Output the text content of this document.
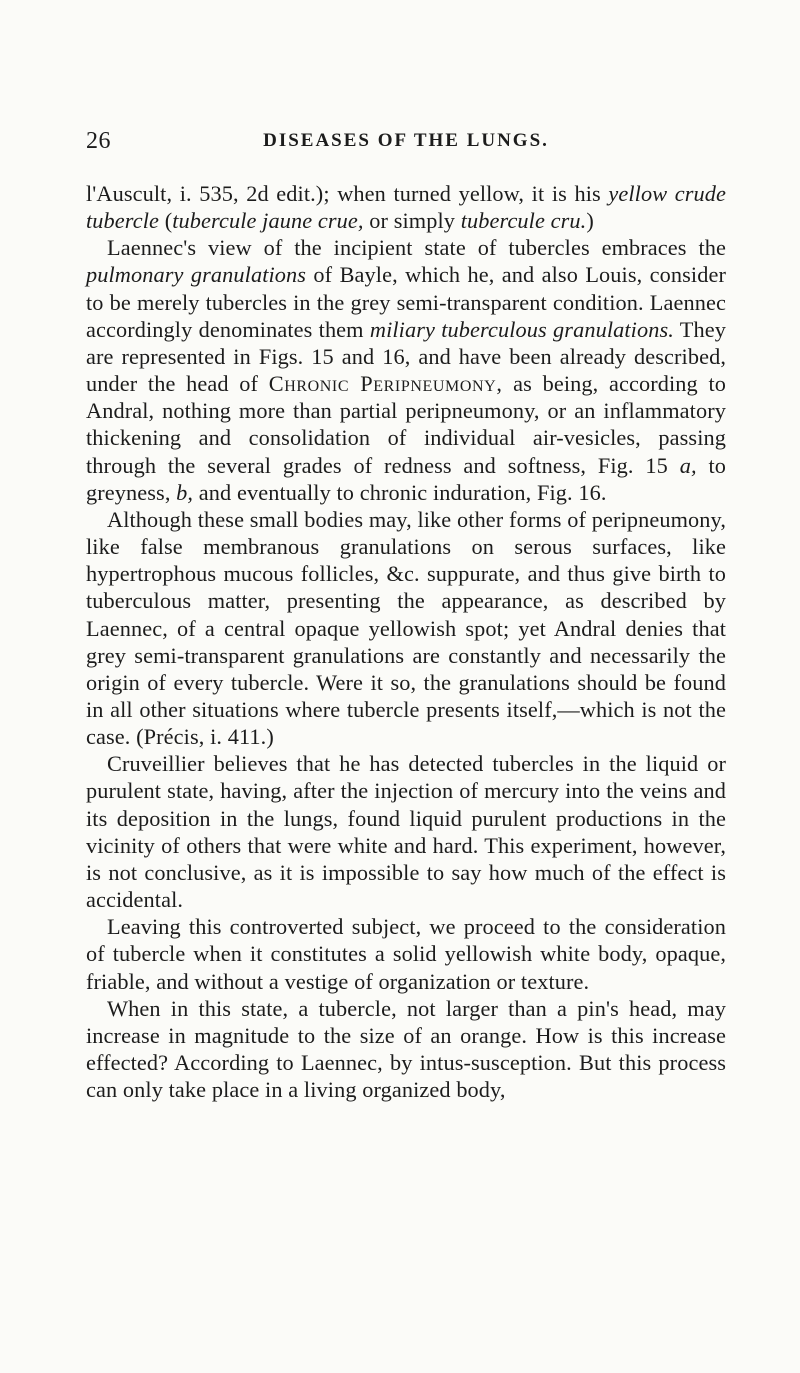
26	DISEASES OF THE LUNGS.

l'Auscult, i. 535, 2d edit.); when turned yellow, it is his yellow crude tubercle (tubercule jaune crue, or simply tubercule cru.)

Laennec's view of the incipient state of tubercles embraces the pulmonary granulations of Bayle, which he, and also Louis, consider to be merely tubercles in the grey semi-transparent condition. Laennec accordingly denominates them miliary tuberculous granulations. They are represented in Figs. 15 and 16, and have been already described, under the head of Chronic Peripneumony, as being, according to Andral, nothing more than partial peripneumony, or an inflammatory thickening and consolidation of individual air-vesicles, passing through the several grades of redness and softness, Fig. 15 a, to greyness, b, and eventually to chronic induration, Fig. 16.

Although these small bodies may, like other forms of peripneumony, like false membranous granulations on serous surfaces, like hypertrophous mucous follicles, &c. suppurate, and thus give birth to tuberculous matter, presenting the appearance, as described by Laennec, of a central opaque yellowish spot; yet Andral denies that grey semi-transparent granulations are constantly and necessarily the origin of every tubercle. Were it so, the granulations should be found in all other situations where tubercle presents itself,—which is not the case. (Précis, i. 411.)

Cruveillier believes that he has detected tubercles in the liquid or purulent state, having, after the injection of mercury into the veins and its deposition in the lungs, found liquid purulent productions in the vicinity of others that were white and hard. This experiment, however, is not conclusive, as it is impossible to say how much of the effect is accidental.

Leaving this controverted subject, we proceed to the consideration of tubercle when it constitutes a solid yellowish white body, opaque, friable, and without a vestige of organization or texture.

When in this state, a tubercle, not larger than a pin's head, may increase in magnitude to the size of an orange. How is this increase effected? According to Laennec, by intus-susception. But this process can only take place in a living organized body,
